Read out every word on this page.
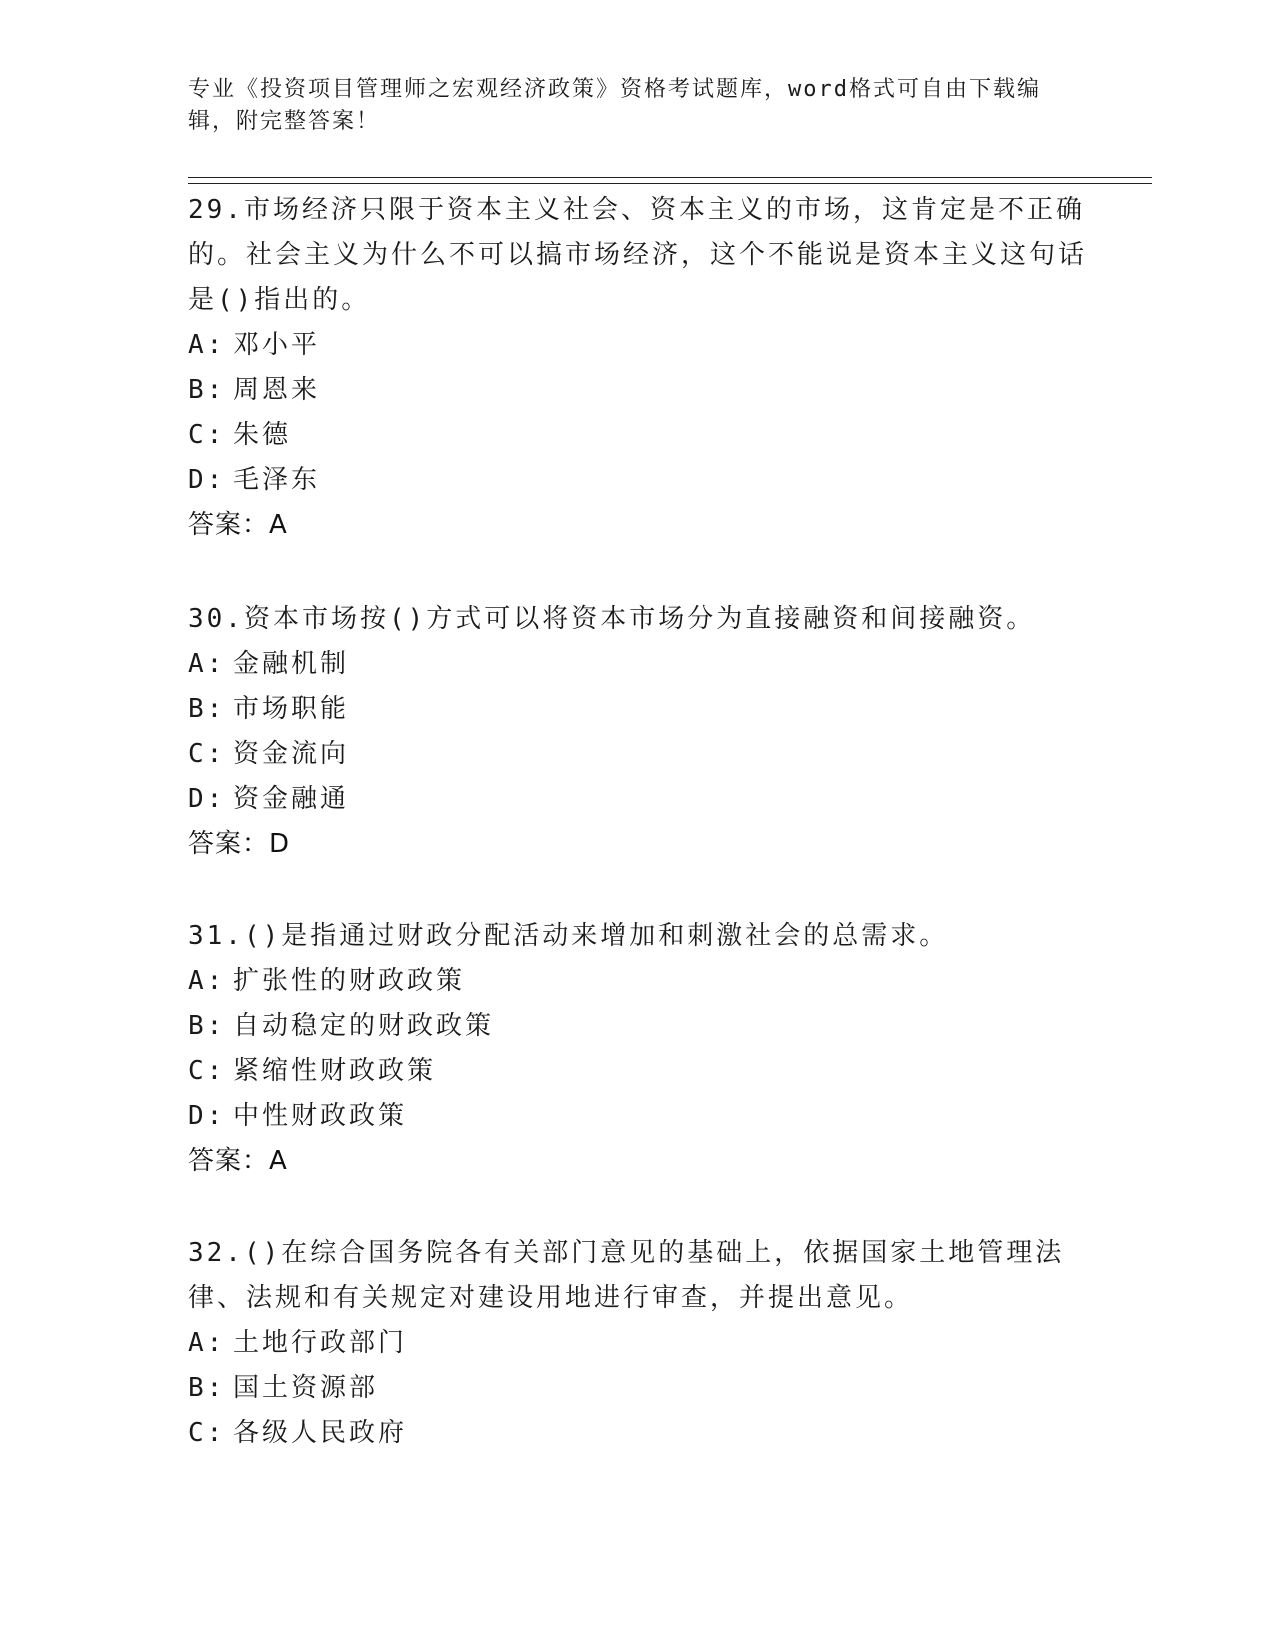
专业《投资项目管理师之宏观经济政策》资格考试题库，word格式可自由下载编辑，附完整答案！

29.市场经济只限于资本主义社会、资本主义的市场，这肯定是不正确的。社会主义为什么不可以搞市场经济，这个不能说是资本主义这句话是()指出的。

A: 邓小平
B: 周恩来
C: 朱德
D: 毛泽东
答案：A

30.资本市场按()方式可以将资本市场分为直接融资和间接融资。

A: 金融机制
B: 市场职能
C: 资金流向
D: 资金融通
答案：D

31.()是指通过财政分配活动来增加和刺激社会的总需求。

A: 扩张性的财政政策
B: 自动稳定的财政政策
C: 紧缩性财政政策
D: 中性财政政策
答案：A

32.()在综合国务院各有关部门意见的基础上，依据国家土地管理法律、法规和有关规定对建设用地进行审查，并提出意见。

A: 土地行政部门
B: 国土资源部
C: 各级人民政府
